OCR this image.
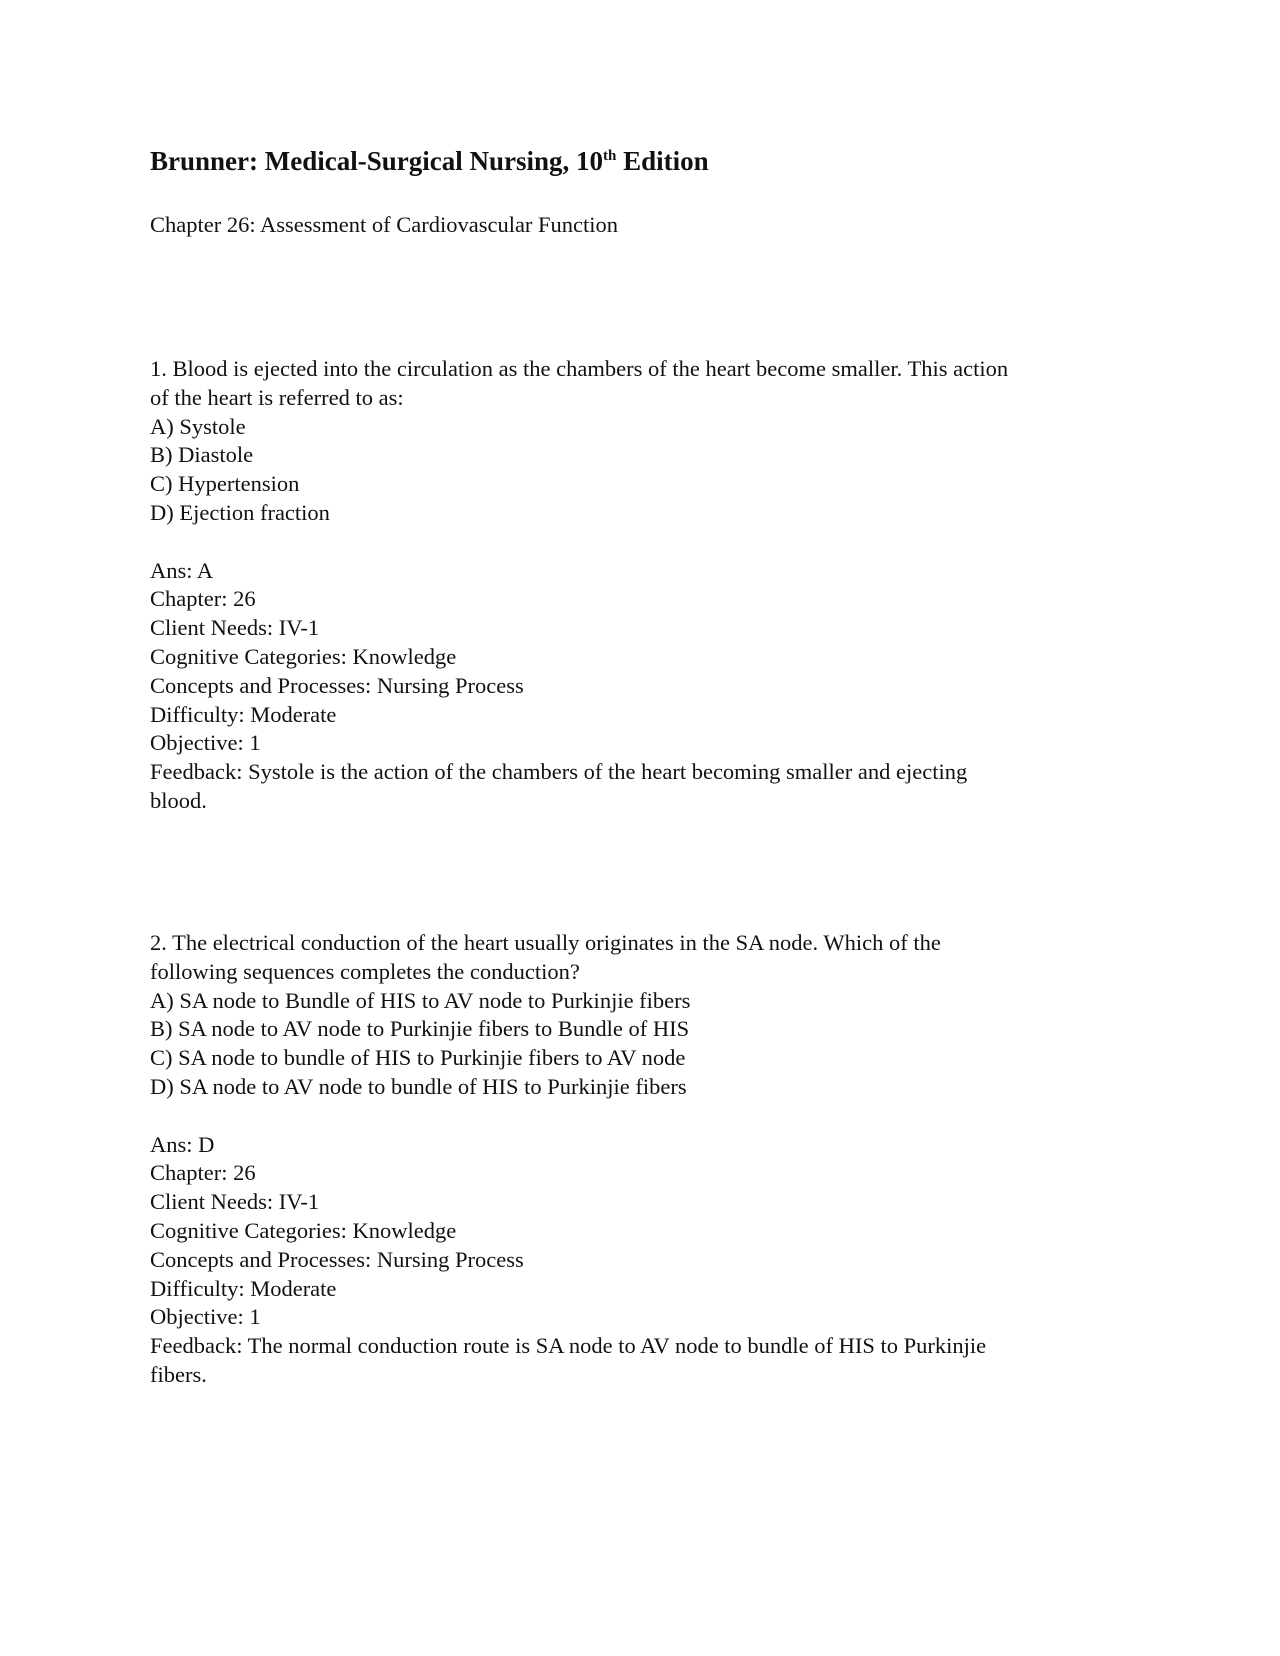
Brunner: Medical-Surgical Nursing, 10th Edition
Chapter 26: Assessment of Cardiovascular Function
1. Blood is ejected into the circulation as the chambers of the heart become smaller. This action
of the heart is referred to as:
A) Systole
B) Diastole
C) Hypertension
D) Ejection fraction
Ans: A
Chapter: 26
Client Needs: IV-1
Cognitive Categories: Knowledge
Concepts and Processes: Nursing Process
Difficulty: Moderate
Objective: 1
Feedback: Systole is the action of the chambers of the heart becoming smaller and ejecting
blood.
2. The electrical conduction of the heart usually originates in the SA node. Which of the
following sequences completes the conduction?
A) SA node to Bundle of HIS to AV node to Purkinjie fibers
B) SA node to AV node to Purkinjie fibers to Bundle of HIS
C) SA node to bundle of HIS to Purkinjie fibers to AV node
D) SA node to AV node to bundle of HIS to Purkinjie fibers
Ans: D
Chapter: 26
Client Needs: IV-1
Cognitive Categories: Knowledge
Concepts and Processes: Nursing Process
Difficulty: Moderate
Objective: 1
Feedback: The normal conduction route is SA node to AV node to bundle of HIS to Purkinjie
fibers.
